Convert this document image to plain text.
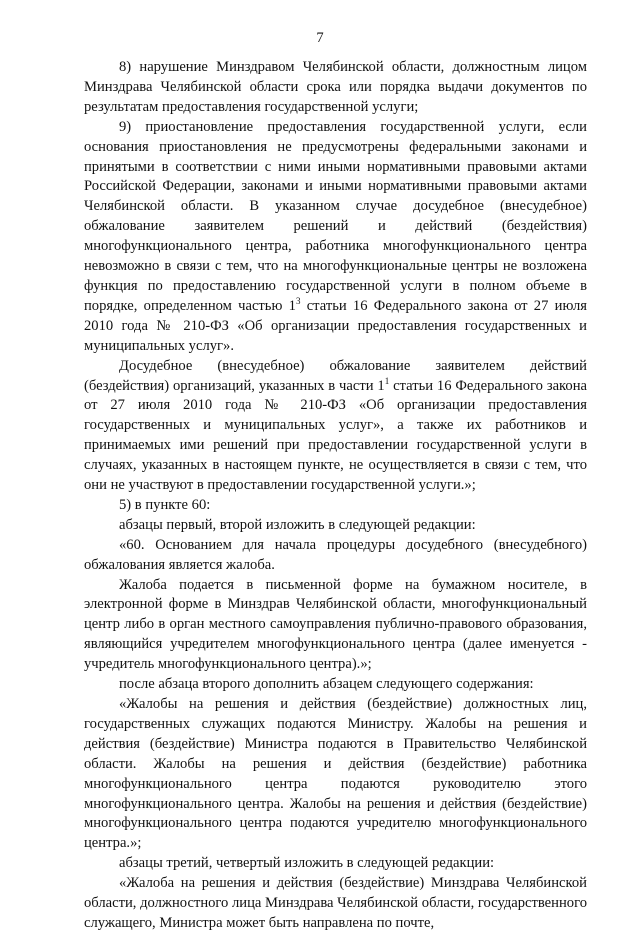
7

8) нарушение Минздравом Челябинской области, должностным лицом Минздрава Челябинской области срока или порядка выдачи документов по результатам предоставления государственной услуги;

9) приостановление предоставления государственной услуги, если основания приостановления не предусмотрены федеральными законами и принятыми в соответствии с ними иными нормативными правовыми актами Российской Федерации, законами и иными нормативными правовыми актами Челябинской области. В указанном случае досудебное (внесудебное) обжалование заявителем решений и действий (бездействия) многофункционального центра, работника многофункционального центра невозможно в связи с тем, что на многофункциональные центры не возложена функция по предоставлению государственной услуги в полном объеме в порядке, определенном частью $1^3$ статьи 16 Федерального закона от 27 июля 2010 года № 210-ФЗ «Об организации предоставления государственных и муниципальных услуг».

Досудебное (внесудебное) обжалование заявителем действий (бездействия) организаций, указанных в части $1^1$ статьи 16 Федерального закона от 27 июля 2010 года № 210-ФЗ «Об организации предоставления государственных и муниципальных услуг», а также их работников и принимаемых ими решений при предоставлении государственной услуги в случаях, указанных в настоящем пункте, не осуществляется в связи с тем, что они не участвуют в предоставлении государственной услуги.»;

5) в пункте 60:

абзацы первый, второй изложить в следующей редакции:

«60. Основанием для начала процедуры досудебного (внесудебного) обжалования является жалоба.

Жалоба подается в письменной форме на бумажном носителе, в электронной форме в Минздрав Челябинской области, многофункциональный центр либо в орган местного самоуправления публично-правового образования, являющийся учредителем многофункционального центра (далее именуется - учредитель многофункционального центра).»;

после абзаца второго дополнить абзацем следующего содержания:

«Жалобы на решения и действия (бездействие) должностных лиц, государственных служащих подаются Министру. Жалобы на решения и действия (бездействие) Министра подаются в Правительство Челябинской области. Жалобы на решения и действия (бездействие) работника многофункционального центра подаются руководителю этого многофункционального центра. Жалобы на решения и действия (бездействие) многофункционального центра подаются учредителю многофункционального центра.»;

абзацы третий, четвертый изложить в следующей редакции:

«Жалоба на решения и действия (бездействие) Минздрава Челябинской области, должностного лица Минздрава Челябинской области, государственного служащего, Министра может быть направлена по почте,
